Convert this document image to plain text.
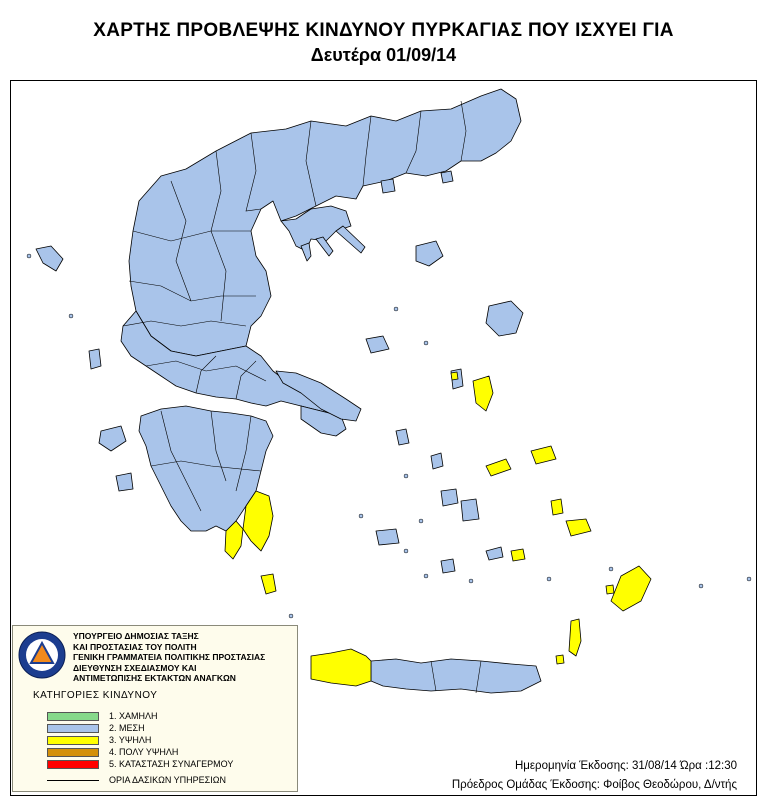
ΧΑΡΤΗΣ ΠΡΟΒΛΕΨΗΣ ΚΙΝΔΥΝΟΥ ΠΥΡΚΑΓΙΑΣ ΠΟΥ ΙΣΧΥΕΙ ΓΙΑ
Δευτέρα 01/09/14
ΥΠΟΥΡΓΕΙΟ ΔΗΜΟΣΙΑΣ ΤΑΞΗΣ
ΚΑΙ ΠΡΟΣΤΑΣΙΑΣ ΤΟΥ ΠΟΛΙΤΗ
ΓΕΝΙΚΗ ΓΡΑΜΜΑΤΕΙΑ ΠΟΛΙΤΙΚΗΣ ΠΡΟΣΤΑΣΙΑΣ
ΔΙΕΥΘΥΝΣΗ ΣΧΕΔΙΑΣΜΟΥ ΚΑΙ
ΑΝΤΙΜΕΤΩΠΙΣΗΣ ΕΚΤΑΚΤΩΝ ΑΝΑΓΚΩΝ
ΚΑΤΗΓΟΡΙΕΣ ΚΙΝΔΥΝΟΥ
1. ΧΑΜΗΛΗ
2. ΜΕΣΗ
3. ΥΨΗΛΗ
4. ΠΟΛΥ ΥΨΗΛΗ
5. ΚΑΤΑΣΤΑΣΗ ΣΥΝΑΓΕΡΜΟΥ
ΟΡΙΑ ΔΑΣΙΚΩΝ ΥΠΗΡΕΣΙΩΝ
Ημερομηνία Έκδοσης: 31/08/14 Ώρα :12:30
Πρόεδρος Ομάδας Έκδοσης: Φοίβος Θεοδώρου, Δ/ντής
